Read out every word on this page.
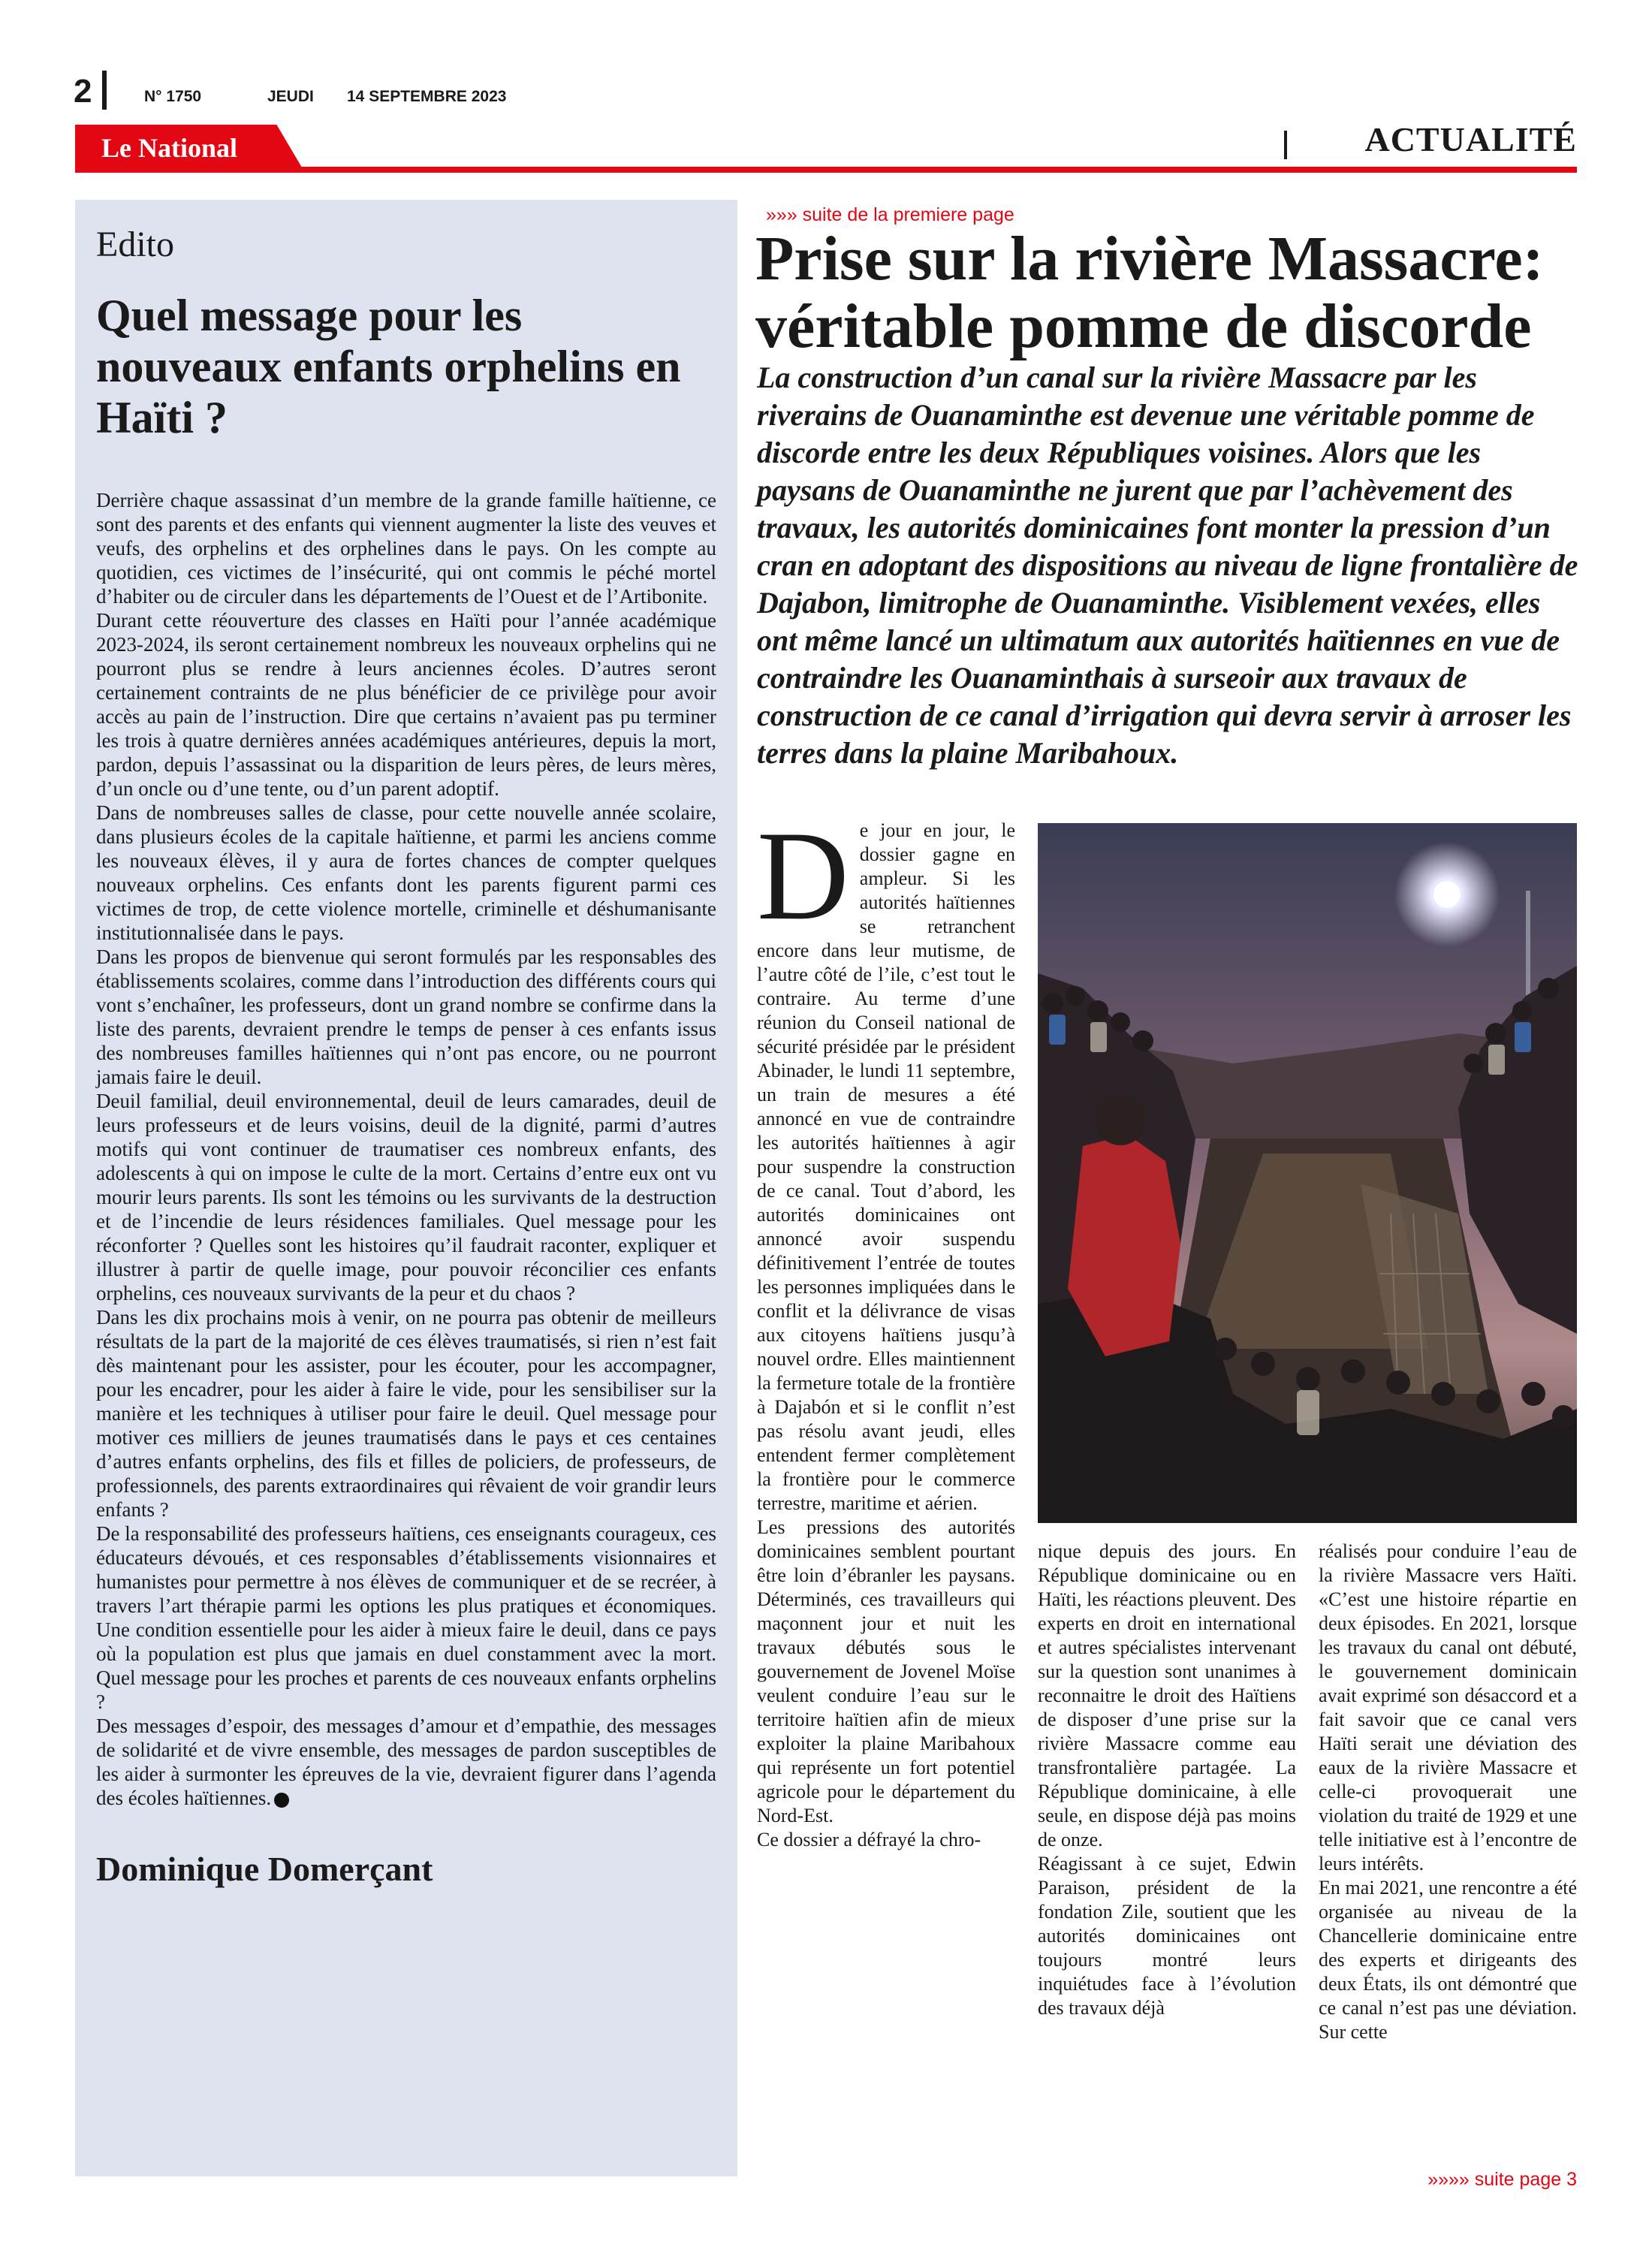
2	N° 1750	JEUDI 14 SEPTEMBRE 2023
Le National	ACTUALITÉ
Edito
Quel message pour les nouveaux enfants orphelins en Haïti ?

Derrière chaque assassinat d’un membre de la grande famille haïtienne, ce sont des parents et des enfants qui viennent augmenter la liste des veuves et veufs, des orphelins et des orphelines dans le pays. On les compte au quotidien, ces victimes de l’insécurité, qui ont commis le péché mortel d’habiter ou de circuler dans les départements de l’Ouest et de l’Artibonite.

Durant cette réouverture des classes en Haïti pour l’année académique 2023-2024, ils seront certainement nombreux les nouveaux orphelins qui ne pourront plus se rendre à leurs anciennes écoles. D’autres seront certainement contraints de ne plus bénéficier de ce privilège pour avoir accès au pain de l’instruction. Dire que certains n’avaient pas pu terminer les trois à quatre dernières années académiques antérieures, depuis la mort, pardon, depuis l’assassinat ou la disparition de leurs pères, de leurs mères, d’un oncle ou d’une tente, ou d’un parent adoptif.

Dans de nombreuses salles de classe, pour cette nouvelle année scolaire, dans plusieurs écoles de la capitale haïtienne, et parmi les anciens comme les nouveaux élèves, il y aura de fortes chances de compter quelques nouveaux orphelins. Ces enfants dont les parents figurent parmi ces victimes de trop, de cette violence mortelle, criminelle et déshumanisante institutionnalisée dans le pays.

Dans les propos de bienvenue qui seront formulés par les responsables des établissements scolaires, comme dans l’introduction des différents cours qui vont s’enchaîner, les professeurs, dont un grand nombre se confirme dans la liste des parents, devraient prendre le temps de penser à ces enfants issus des nombreuses familles haïtiennes qui n’ont pas encore, ou ne pourront jamais faire le deuil.

Deuil familial, deuil environnemental, deuil de leurs camarades, deuil de leurs professeurs et de leurs voisins, deuil de la dignité, parmi d’autres motifs qui vont continuer de traumatiser ces nombreux enfants, des adolescents à qui on impose le culte de la mort. Certains d’entre eux ont vu mourir leurs parents. Ils sont les témoins ou les survivants de la destruction et de l’incendie de leurs résidences familiales. Quel message pour les réconforter ? Quelles sont les histoires qu’il faudrait raconter, expliquer et illustrer à partir de quelle image, pour pouvoir réconcilier ces enfants orphelins, ces nouveaux survivants de la peur et du chaos ?

Dans les dix prochains mois à venir, on ne pourra pas obtenir de meilleurs résultats de la part de la majorité de ces élèves traumatisés, si rien n’est fait dès maintenant pour les assister, pour les écouter, pour les accompagner, pour les encadrer, pour les aider à faire le vide, pour les sensibiliser sur la manière et les techniques à utiliser pour faire le deuil. Quel message pour motiver ces milliers de jeunes traumatisés dans le pays et ces centaines d’autres enfants orphelins, des fils et filles de policiers, de professeurs, de professionnels, des parents extraordinaires qui rêvaient de voir grandir leurs enfants ?

De la responsabilité des professeurs haïtiens, ces enseignants courageux, ces éducateurs dévoués, et ces responsables d’établissements visionnaires et humanistes pour permettre à nos élèves de communiquer et de se recréer, à travers l’art thérapie parmi les options les plus pratiques et économiques. Une condition essentielle pour les aider à mieux faire le deuil, dans ce pays où la population est plus que jamais en duel constamment avec la mort. Quel message pour les proches et parents de ces nouveaux enfants orphelins ?

Des messages d’espoir, des messages d’amour et d’empathie, des messages de solidarité et de vivre ensemble, des messages de pardon susceptibles de les aider à surmonter les épreuves de la vie, devraient figurer dans l’agenda des écoles haïtiennes.

Dominique Domerçant
»»» suite de la premiere page
Prise sur la rivière Massacre: véritable pomme de discorde
La construction d’un canal sur la rivière Massacre par les riverains de Ouanaminthe est devenue une véritable pomme de discorde entre les deux Républiques voisines. Alors que les paysans de Ouanaminthe ne jurent que par l’achèvement des travaux, les autorités dominicaines font monter la pression d’un cran en adoptant des dispositions au niveau de ligne frontalière de Dajabon, limitrophe de Ouanaminthe. Visiblement vexées, elles ont même lancé un ultimatum aux autorités haïtiennes en vue de contraindre les Ouanaminthais à surseoir aux travaux de construction de ce canal d’irrigation qui devra servir à arroser les terres dans la plaine Maribahoux.

De jour en jour, le dossier gagne en ampleur. Si les autorités haïtiennes se retranchent encore dans leur mutisme, de l’autre côté de l’ile, c’est tout le contraire. Au terme d’une réunion du Conseil national de sécurité présidée par le président Abinader, le lundi 11 septembre, un train de mesures a été annoncé en vue de contraindre les autorités haïtiennes à agir pour suspendre la construction de ce canal. Tout d’abord, les autorités dominicaines ont annoncé avoir suspendu définitivement l’entrée de toutes les personnes impliquées dans le conflit et la délivrance de visas aux citoyens haïtiens jusqu’à nouvel ordre. Elles maintiennent la fermeture totale de la frontière à Dajabón et si le conflit n’est pas résolu avant jeudi, elles entendent fermer complètement la frontière pour le commerce terrestre, maritime et aérien.

Les pressions des autorités dominicaines semblent pourtant être loin d’ébranler les paysans. Déterminés, ces travailleurs qui maçonnent jour et nuit les travaux débutés sous le gouvernement de Jovenel Moïse veulent conduire l’eau sur le territoire haïtien afin de mieux exploiter la plaine Maribahoux qui représente un fort potentiel agricole pour le département du Nord-Est.

Ce dossier a défrayé la chro-

nique depuis des jours. En République dominicaine ou en Haïti, les réactions pleuvent. Des experts en droit en international et autres spécialistes intervenant sur la question sont unanimes à reconnaitre le droit des Haïtiens de disposer d’une prise sur la rivière Massacre comme eau transfrontalière partagée. La République dominicaine, à elle seule, en dispose déjà pas moins de onze.

Réagissant à ce sujet, Edwin Paraison, président de la fondation Zile, soutient que les autorités dominicaines ont toujours montré leurs inquiétudes face à l’évolution des travaux déjà

réalisés pour conduire l’eau de la rivière Massacre vers Haïti. «C’est une histoire répartie en deux épisodes. En 2021, lorsque les travaux du canal ont débuté, le gouvernement dominicain avait exprimé son désaccord et a fait savoir que ce canal vers Haïti serait une déviation des eaux de la rivière Massacre et celle-ci provoquerait une violation du traité de 1929 et une telle initiative est à l’encontre de leurs intérêts.

En mai 2021, une rencontre a été organisée au niveau de la Chancellerie dominicaine entre des experts et dirigeants des deux États, ils ont démontré que ce canal n’est pas une déviation. Sur cette

»»»» suite page 3
